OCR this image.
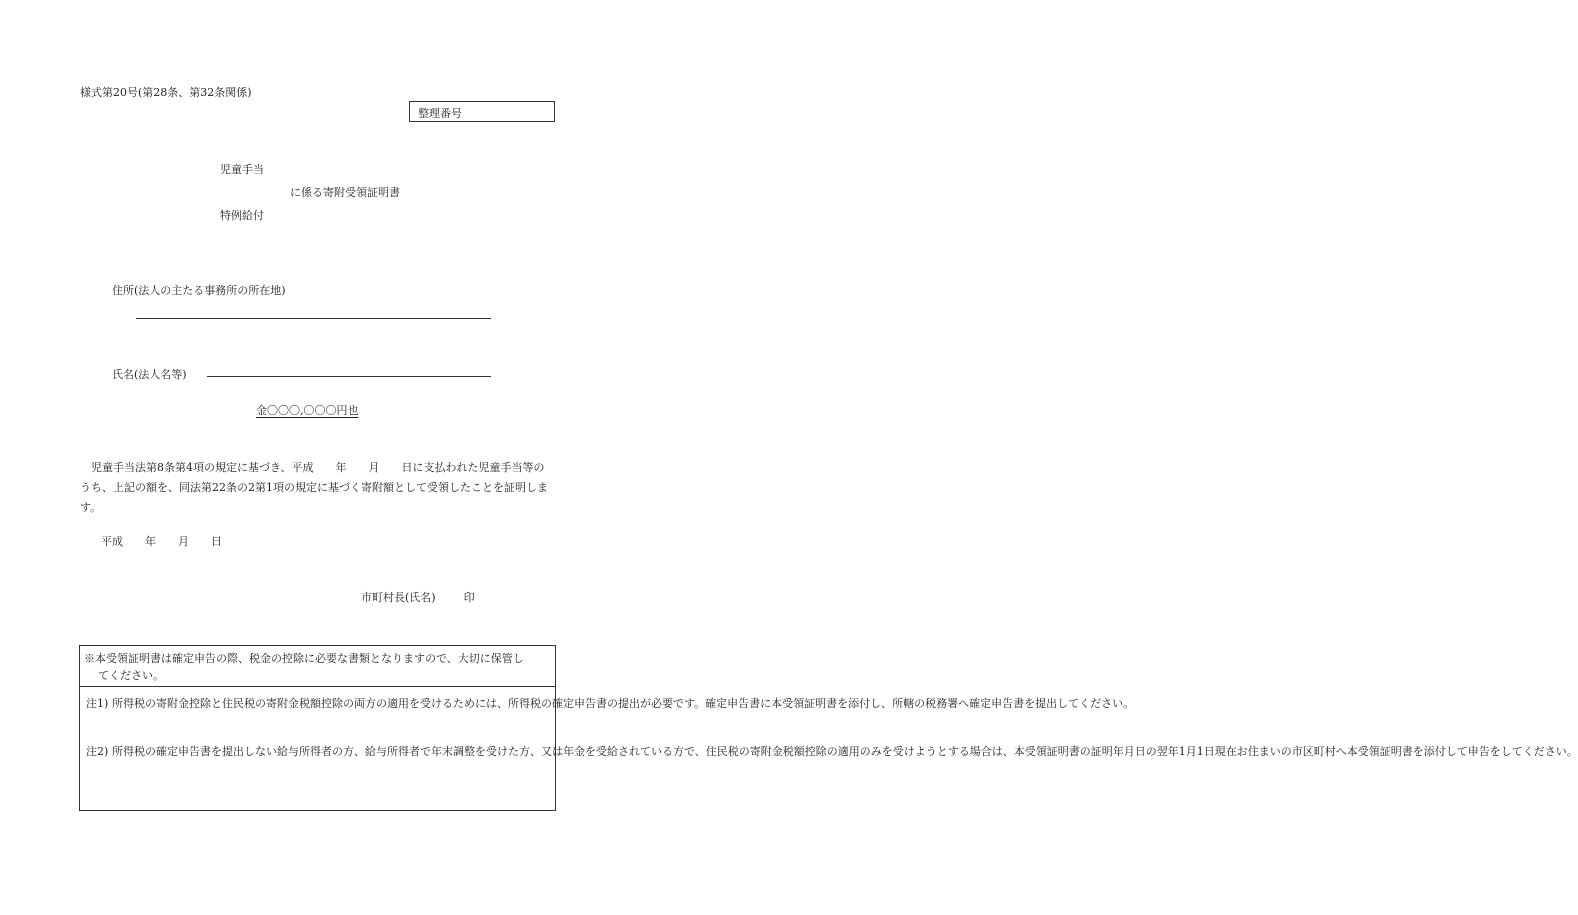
様式第20号(第28条、第32条関係)
整理番号
児童手当
に係る寄附受領証明書
特例給付
住所(法人の主たる事務所の所在地)
氏名(法人名等)
金〇〇〇,〇〇〇円也
児童手当法第8条第4項の規定に基づき、平成　　年　　月　　日に支払われた児童手当等のうち、上記の額を、同法第22条の2第1項の規定に基づく寄附額として受領したことを証明します。
平成　　年　　月　　日
市町村長(氏名)	印
※本受領証明書は確定申告の際、税金の控除に必要な書類となりますので、大切に保管し
てください。
注1) 所得税の寄附金控除と住民税の寄附金税額控除の両方の適用を受けるためには、所得税の確定申告書の提出が必要です。確定申告書に本受領証明書を添付し、所轄の税務署へ確定申告書を提出してください。
注2) 所得税の確定申告書を提出しない給与所得者の方、給与所得者で年末調整を受けた方、又は年金を受給されている方で、住民税の寄附金税額控除の適用のみを受けようとする場合は、本受領証明書の証明年月日の翌年1月1日現在お住まいの市区町村へ本受領証明書を添付して申告をしてください。
